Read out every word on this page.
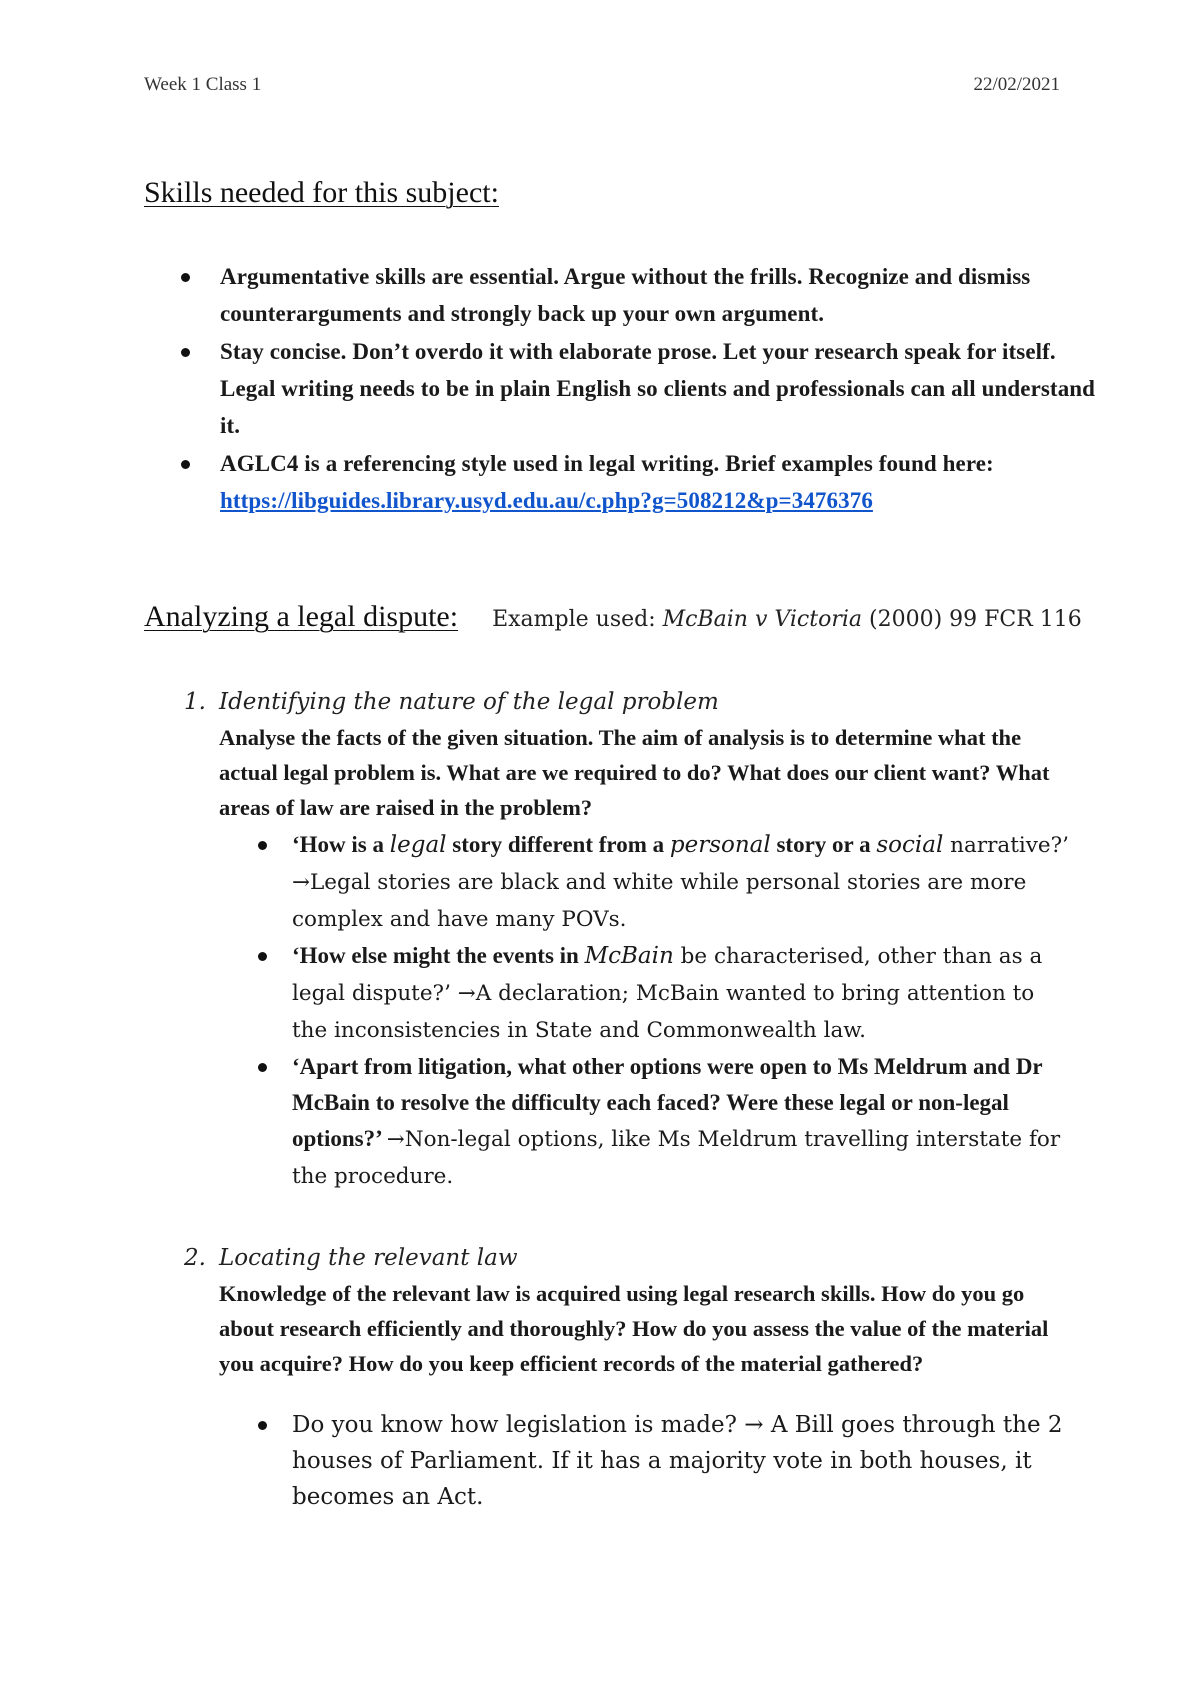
Week 1 Class 1	22/02/2021
Skills needed for this subject:
Argumentative skills are essential. Argue without the frills. Recognize and dismiss counterarguments and strongly back up your own argument.
Stay concise. Don’t overdo it with elaborate prose. Let your research speak for itself. Legal writing needs to be in plain English so clients and professionals can all understand it.
AGLC4 is a referencing style used in legal writing. Brief examples found here: https://libguides.library.usyd.edu.au/c.php?g=508212&p=3476376
Analyzing a legal dispute: Example used: McBain v Victoria (2000) 99 FCR 116
1. Identifying the nature of the legal problem
Analyse the facts of the given situation. The aim of analysis is to determine what the actual legal problem is. What are we required to do? What does our client want? What areas of law are raised in the problem?
‘How is a legal story different from a personal story or a social narrative?’ →Legal stories are black and white while personal stories are more complex and have many POVs.
‘How else might the events in McBain be characterised, other than as a legal dispute?’ →A declaration; McBain wanted to bring attention to the inconsistencies in State and Commonwealth law.
‘Apart from litigation, what other options were open to Ms Meldrum and Dr McBain to resolve the difficulty each faced? Were these legal or non-legal options?’ →Non-legal options, like Ms Meldrum travelling interstate for the procedure.
2. Locating the relevant law
Knowledge of the relevant law is acquired using legal research skills. How do you go about research efficiently and thoroughly? How do you assess the value of the material you acquire? How do you keep efficient records of the material gathered?
Do you know how legislation is made? → A Bill goes through the 2 houses of Parliament. If it has a majority vote in both houses, it becomes an Act.
